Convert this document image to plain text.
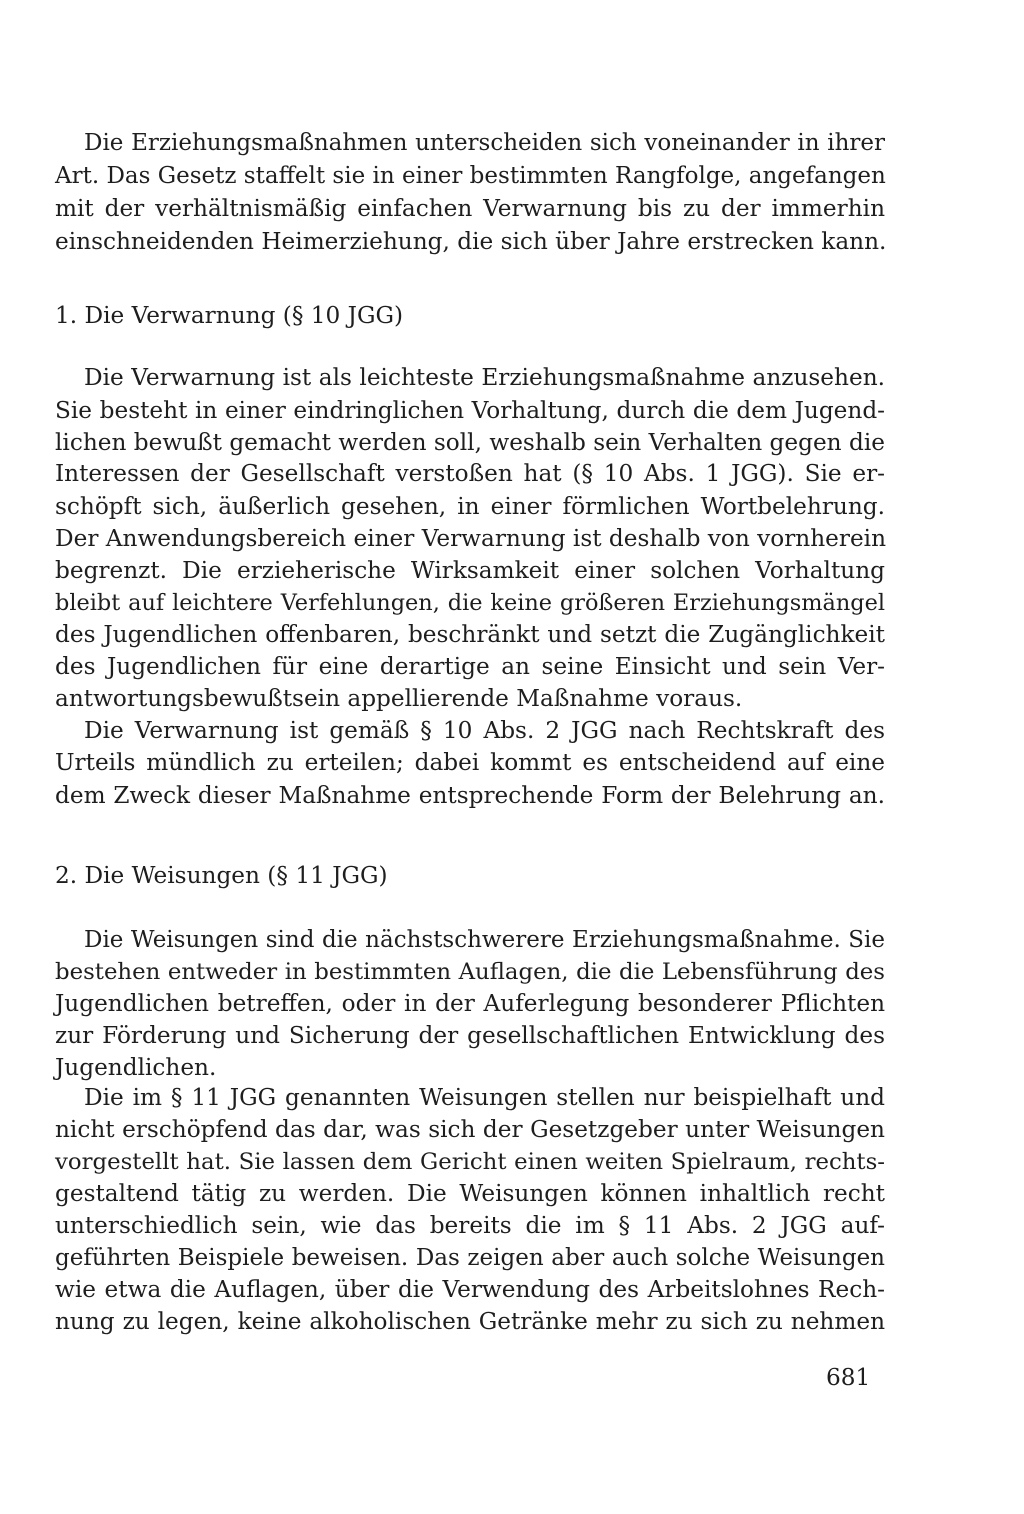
Die Erziehungsmaßnahmen unterscheiden sich voneinander in ihrer

Art. Das Gesetz staffelt sie in einer bestimmten Rangfolge, angefangen

mit der verhältnismäßig einfachen Verwarnung bis zu der immerhin

einschneidenden Heimerziehung, die sich über Jahre erstrecken kann.

1. Die Verwarnung (§ 10 JGG)

Die Verwarnung ist als leichteste Erziehungsmaßnahme anzusehen.

Sie besteht in einer eindringlichen Vorhaltung, durch die dem Jugend-

lichen bewußt gemacht werden soll, weshalb sein Verhalten gegen die

Interessen der Gesellschaft verstoßen hat (§ 10 Abs. 1 JGG). Sie er-

schöpft sich, äußerlich gesehen, in einer förmlichen Wortbelehrung.

Der Anwendungsbereich einer Verwarnung ist deshalb von vornherein

begrenzt. Die erzieherische Wirksamkeit einer solchen Vorhaltung

bleibt auf leichtere Verfehlungen, die keine größeren Erziehungsmängel

des Jugendlichen offenbaren, beschränkt und setzt die Zugänglichkeit

des Jugendlichen für eine derartige an seine Einsicht und sein Ver-

antwortungsbewußtsein appellierende Maßnahme voraus.

Die Verwarnung ist gemäß § 10 Abs. 2 JGG nach Rechtskraft des

Urteils mündlich zu erteilen; dabei kommt es entscheidend auf eine

dem Zweck dieser Maßnahme entsprechende Form der Belehrung an.

2. Die Weisungen (§ 11 JGG)

Die Weisungen sind die nächstschwerere Erziehungsmaßnahme. Sie

bestehen entweder in bestimmten Auflagen, die die Lebensführung des

Jugendlichen betreffen, oder in der Auferlegung besonderer Pflichten

zur Förderung und Sicherung der gesellschaftlichen Entwicklung des

Jugendlichen.

Die im § 11 JGG genannten Weisungen stellen nur beispielhaft und

nicht erschöpfend das dar, was sich der Gesetzgeber unter Weisungen

vorgestellt hat. Sie lassen dem Gericht einen weiten Spielraum, rechts-

gestaltend tätig zu werden. Die Weisungen können inhaltlich recht

unterschiedlich sein, wie das bereits die im § 11 Abs. 2 JGG auf-

geführten Beispiele beweisen. Das zeigen aber auch solche Weisungen

wie etwa die Auflagen, über die Verwendung des Arbeitslohnes Rech-

nung zu legen, keine alkoholischen Getränke mehr zu sich zu nehmen

681
